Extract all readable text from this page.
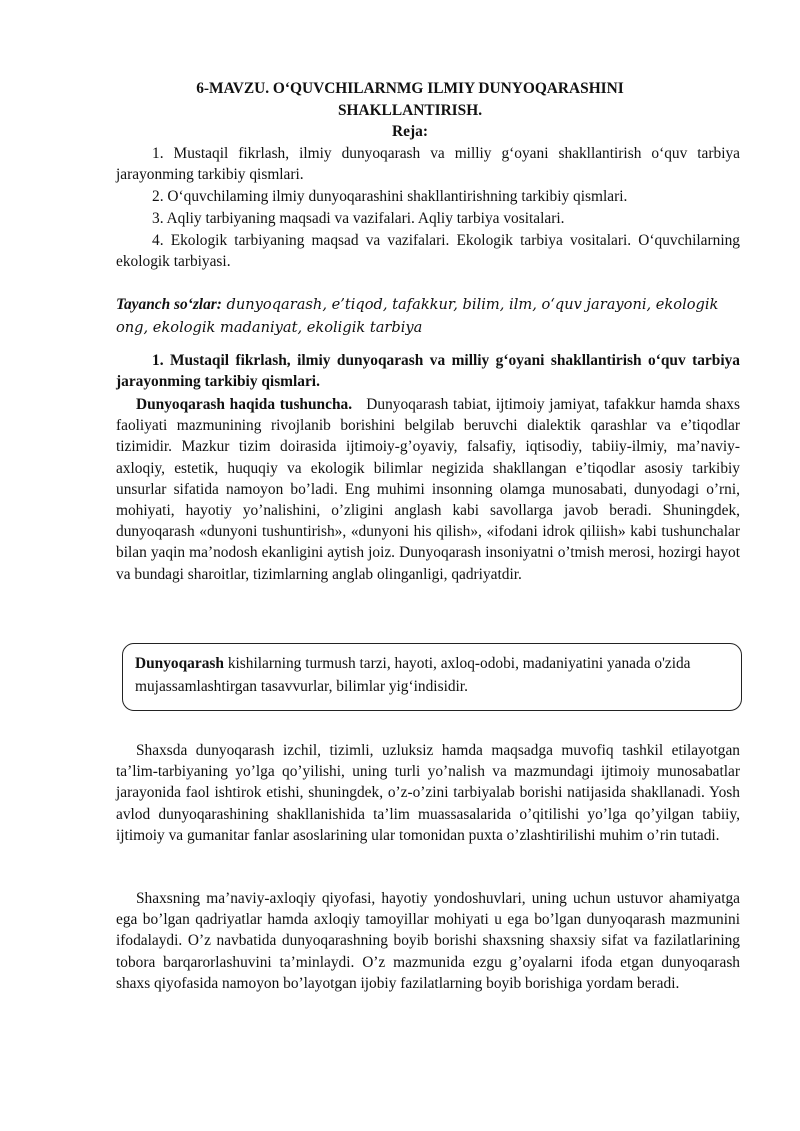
6-MAVZU. O‘QUVCHILARNMG ILMIY DUNYOQARASHINI
SHAKLLANTIRISH.
Reja:

1. Mustaqil fikrlash, ilmiy dunyoqarash va milliy g‘oyani shakllantirish o‘quv tarbiya jarayonming tarkibiy qismlari.

2. O‘quvchilaming ilmiy dunyoqarashini shakllantirishning tarkibiy qismlari.

3. Aqliy tarbiyaning maqsadi va vazifalari. Aqliy tarbiya vositalari.

4. Ekologik tarbiyaning maqsad va vazifalari. Ekologik tarbiya vositalari. O‘quvchilarning ekologik tarbiyasi.

Tayanch so‘zlar: dunyoqarash, e’tiqod, tafakkur, bilim, ilm, o‘quv jarayoni, ekologik ong, ekologik madaniyat, ekoligik tarbiya
1. Mustaqil fikrlash, ilmiy dunyoqarash va milliy g‘oyani shakllantirish o‘quv tarbiya jarayonming tarkibiy qismlari.

Dunyoqarash haqida tushuncha. Dunyoqarash tabiat, ijtimoiy jamiyat, tafakkur hamda shaxs faoliyati mazmunining rivojlanib borishini belgilab beruvchi dialektik qarashlar va e’tiqodlar tizimidir. Mazkur tizim doirasida ijtimoiy-g’oyaviy, falsafiy, iqtisodiy, tabiiy-ilmiy, ma’naviy-axloqiy, estetik, huquqiy va ekologik bilimlar negizida shakllangan e’tiqodlar asosiy tarkibiy unsurlar sifatida namoyon bo’ladi. Eng muhimi insonning olamga munosabati, dunyodagi o’rni, mohiyati, hayotiy yo’nalishini, o’zligini anglash kabi savollarga javob beradi. Shuningdek, dunyoqarash «dunyoni tushuntirish», «dunyoni his qilish», «ifodani idrok qiliish» kabi tushunchalar bilan yaqin ma’nodosh ekanligini aytish joiz. Dunyoqarash insoniyatni o’tmish merosi, hozirgi hayot va bundagi sharoitlar, tizimlarning anglab olinganligi, qadriyatdir.

Dunyoqarash kishilarning turmush tarzi, hayoti, axloq-odobi, madaniyatini yanada o'zida mujassamlashtirgan tasavvurlar, bilimlar yig‘indisidir.

Shaxsda dunyoqarash izchil, tizimli, uzluksiz hamda maqsadga muvofiq tashkil etilayotgan ta’lim-tarbiyaning yo’lga qo’yilishi, uning turli yo’nalish va mazmundagi ijtimoiy munosabatlar jarayonida faol ishtirok etishi, shuningdek, o’z-o’zini tarbiyalab borishi natijasida shakllanadi. Yosh avlod dunyoqarashining shakllanishida ta’lim muassasalarida o’qitilishi yo’lga qo’yilgan tabiiy, ijtimoiy va gumanitar fanlar asoslarining ular tomonidan puxta o’zlashtirilishi muhim o’rin tutadi.

Shaxsning ma’naviy-axloqiy qiyofasi, hayotiy yondoshuvlari, uning uchun ustuvor ahamiyatga ega bo’lgan qadriyatlar hamda axloqiy tamoyillar mohiyati u ega bo’lgan dunyoqarash mazmunini ifodalaydi. O’z navbatida dunyoqarashning boyib borishi shaxsning shaxsiy sifat va fazilatlarining tobora barqarorlashuvini ta’minlaydi. O’z mazmunida ezgu g’oyalarni ifoda etgan dunyoqarash shaxs qiyofasida namoyon bo’layotgan ijobiy fazilatlarning boyib borishiga yordam beradi.
